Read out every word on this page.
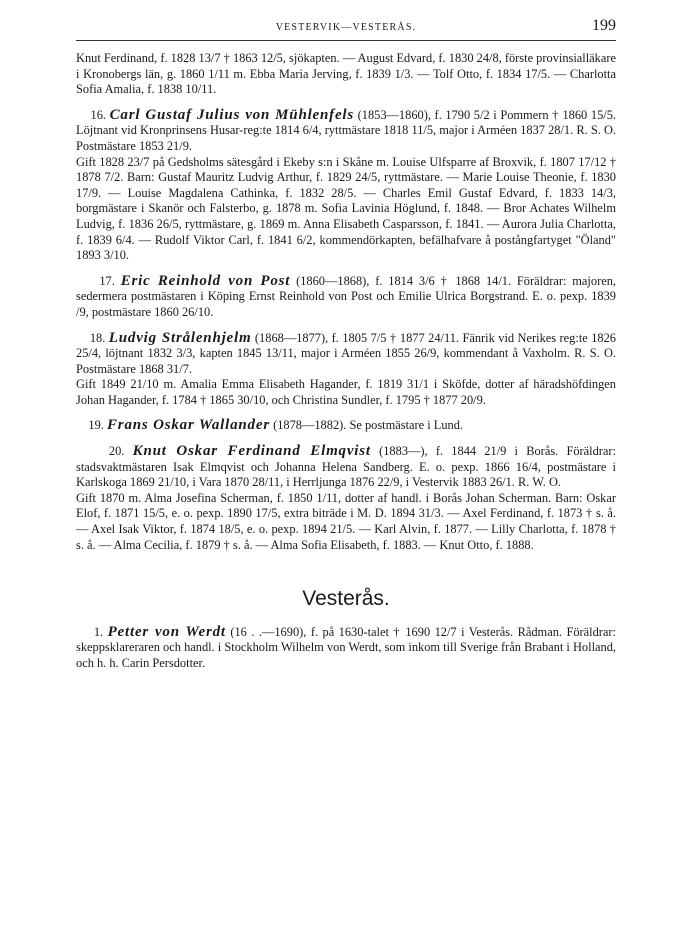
VESTERVIK—VESTERÅS.	199

Knut Ferdinand, f. 1828 13/7 † 1863 12/5, sjökapten. — August Edvard, f. 1830 24/8, förste provinsialläkare i Kronobergs län, g. 1860 1/11 m. Ebba Maria Jerving, f. 1839 1/3. — Tolf Otto, f. 1834 17/5. — Charlotta Sofia Amalia, f. 1838 10/11.

16. Carl Gustaf Julius von Mühlenfels (1853—1860), f. 1790 5/2 i Pommern † 1860 15/5. Löjtnant vid Kronprinsens Husar-reg:te 1814 6/4, ryttmästare 1818 11/5, major i Arméen 1837 28/1. R. S. O. Postmästare 1853 21/9.

Gift 1828 23/7 på Gedsholms sätesgård i Ekeby s:n i Skåne m. Louise Ulfsparre af Broxvik, f. 1807 17/12 † 1878 7/2. Barn: Gustaf Mauritz Ludvig Arthur, f. 1829 24/5, ryttmästare. — Marie Louise Theonie, f. 1830 17/9. — Louise Magdalena Cathinka, f. 1832 28/5. — Charles Emil Gustaf Edvard, f. 1833 14/3, borgmästare i Skanör och Falsterbo, g. 1878 m. Sofia Lavinia Höglund, f. 1848. — Bror Achates Wilhelm Ludvig, f. 1836 26/5, ryttmästare, g. 1869 m. Anna Elisabeth Casparsson, f. 1841. — Aurora Julia Charlotta, f. 1839 6/4. — Rudolf Viktor Carl, f. 1841 6/2, kommendörkapten, befälhafvare å postångfartyget "Öland" 1893 3/10.

17. Eric Reinhold von Post (1860—1868), f. 1814 3/6 † 1868 14/1. Föräldrar: majoren, sedermera postmästaren i Köping Ernst Reinhold von Post och Emilie Ulrica Borgstrand. E. o. pexp. 1839 /9, postmästare 1860 26/10.

18. Ludvig Strålenhjelm (1868—1877), f. 1805 7/5 † 1877 24/11. Fänrik vid Nerikes reg:te 1826 25/4, löjtnant 1832 3/3, kapten 1845 13/11, major i Arméen 1855 26/9, kommendant å Vaxholm. R. S. O. Postmästare 1868 31/7.

Gift 1849 21/10 m. Amalia Emma Elisabeth Hagander, f. 1819 31/1 i Sköfde, dotter af häradshöfdingen Johan Hagander, f. 1784 † 1865 30/10, och Christina Sundler, f. 1795 † 1877 20/9.

19. Frans Oskar Wallander (1878—1882). Se postmästare i Lund.

20. Knut Oskar Ferdinand Elmqvist (1883—), f. 1844 21/9 i Borås. Föräldrar: stadsvaktmästaren Isak Elmqvist och Johanna Helena Sandberg. E. o. pexp. 1866 16/4, postmästare i Karlskoga 1869 21/10, i Vara 1870 28/11, i Herrljunga 1876 22/9, i Vestervik 1883 26/1. R. W. O.

Gift 1870 m. Alma Josefina Scherman, f. 1850 1/11, dotter af handl. i Borås Johan Scherman. Barn: Oskar Elof, f. 1871 15/5, e. o. pexp. 1890 17/5, extra biträde i M. D. 1894 31/3. — Axel Ferdinand, f. 1873 † s. å. — Axel Isak Viktor, f. 1874 18/5, e. o. pexp. 1894 21/5. — Karl Alvin, f. 1877. — Lilly Charlotta, f. 1878 † s. å. — Alma Cecilia, f. 1879 † s. å. — Alma Sofia Elisabeth, f. 1883. — Knut Otto, f. 1888.

Vesterås.

1. Petter von Werdt (16 . .—1690), f. på 1630-talet † 1690 12/7 i Vesterås. Rådman. Föräldrar: skeppsklareraren och handl. i Stockholm Wilhelm von Werdt, som inkom till Sverige från Brabant i Holland, och h. h. Carin Persdotter.
